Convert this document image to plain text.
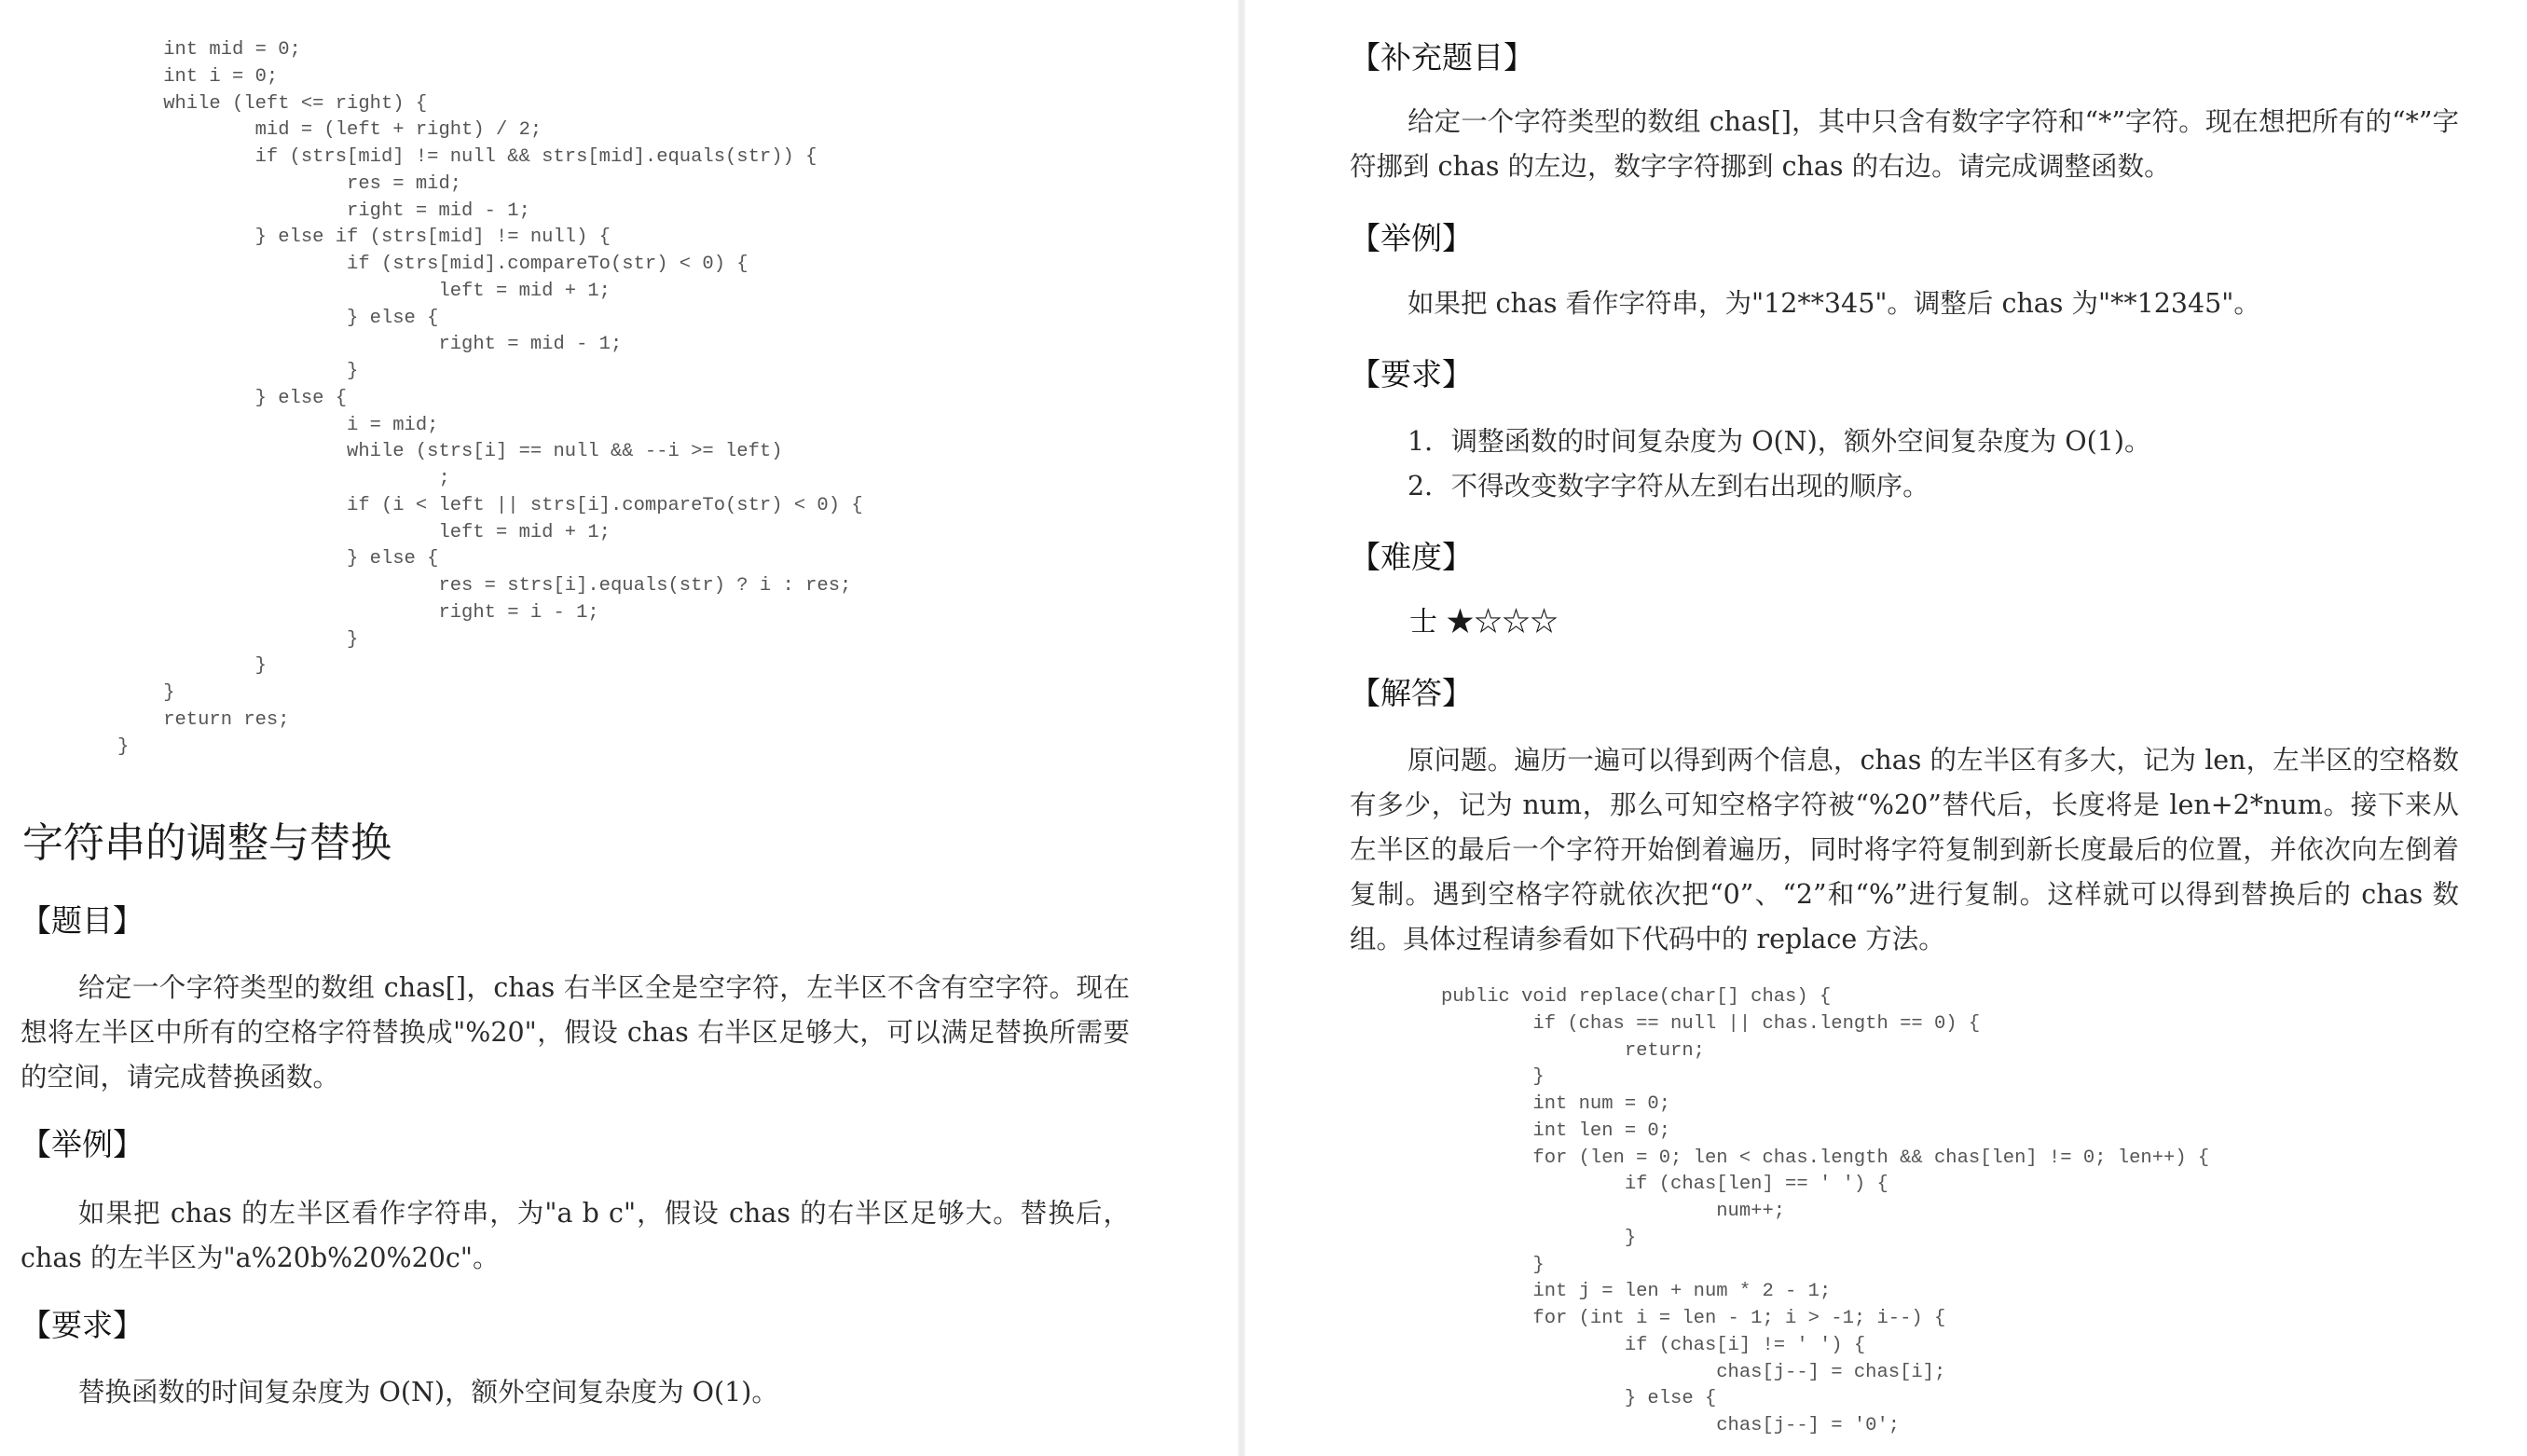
int mid = 0;
int i = 0;
while (left <= right) {
mid = (left + right) / 2;
if (strs[mid] != null && strs[mid].equals(str)) {
res = mid;
right = mid - 1;
} else if (strs[mid] != null) {
if (strs[mid].compareTo(str) < 0) {
left = mid + 1;
} else {
right = mid - 1;
}
} else {
i = mid;
while (strs[i] == null && --i >= left)
;
if (i < left || strs[i].compareTo(str) < 0) {
left = mid + 1;
} else {
res = strs[i].equals(str) ? i : res;
right = i - 1;
}
}
}
return res;
}
字符串的调整与替换

【题目】

给定一个字符类型的数组 chas[]，chas 右半区全是空字符，左半区不含有空字符。现在想将左半区中所有的空格字符替换成"%20"，假设 chas 右半区足够大，可以满足替换所需要的空间，请完成替换函数。

【举例】

如果把 chas 的左半区看作字符串，为"a b c"，假设 chas 的右半区足够大。替换后，chas 的左半区为"a%20b%20%20c"。

【要求】

替换函数的时间复杂度为 O(N)，额外空间复杂度为 O(1)。

【补充题目】

给定一个字符类型的数组 chas[]，其中只含有数字字符和“*”字符。现在想把所有的“*”字符挪到 chas 的左边，数字字符挪到 chas 的右边。请完成调整函数。

【举例】

如果把 chas 看作字符串，为"12**345"。调整后 chas 为"**12345"。

【要求】

1．调整函数的时间复杂度为 O(N)，额外空间复杂度为 O(1)。
2．不得改变数字字符从左到右出现的顺序。

【难度】

士 ★☆☆☆

【解答】

原问题。遍历一遍可以得到两个信息，chas 的左半区有多大，记为 len，左半区的空格数有多少，记为 num，那么可知空格字符被“%20”替代后，长度将是 len+2*num。接下来从左半区的最后一个字符开始倒着遍历，同时将字符复制到新长度最后的位置，并依次向左倒着复制。遇到空格字符就依次把“0”、“2”和“%”进行复制。这样就可以得到替换后的 chas 数组。具体过程请参看如下代码中的 replace 方法。

public void replace(char[] chas) {
if (chas == null || chas.length == 0) {
return;
}
int num = 0;
int len = 0;
for (len = 0; len < chas.length && chas[len] != 0; len++) {
if (chas[len] == ' ') {
num++;
}
}
int j = len + num * 2 - 1;
for (int i = len - 1; i > -1; i--) {
if (chas[i] != ' ') {
chas[j--] = chas[i];
} else {
chas[j--] = '0';
